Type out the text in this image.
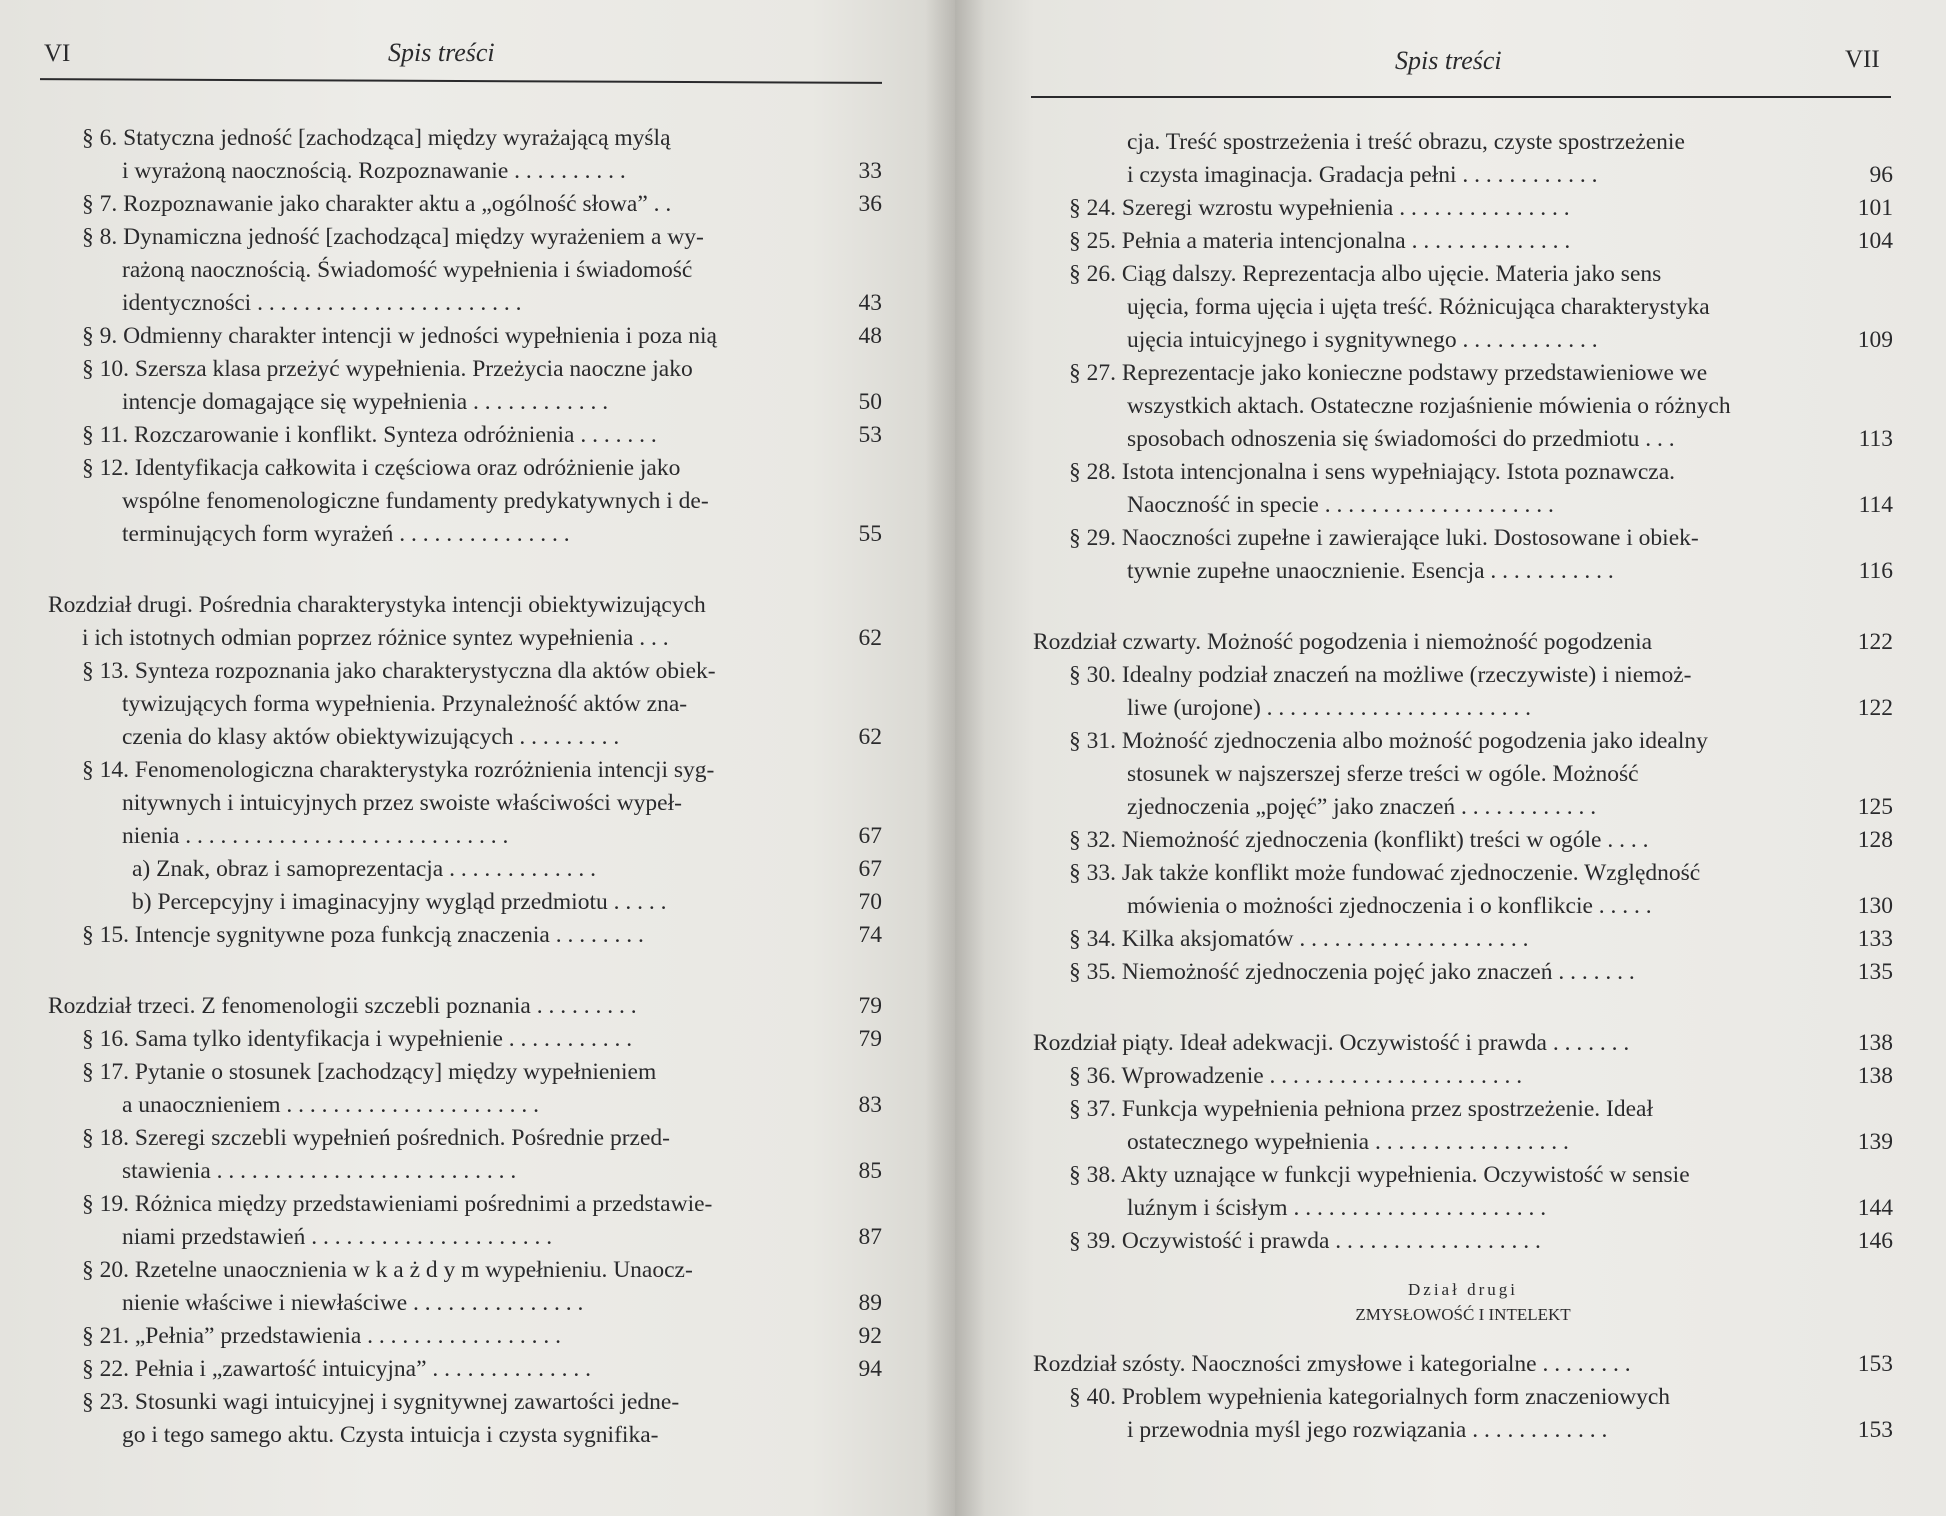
VI	Spis treści
§ 6. Statyczna jedność [zachodząca] między wyrażającą myślą
i wyrażoną naocznością. Rozpoznawanie . . . . . . . . . .	33
§ 7. Rozpoznawanie jako charakter aktu a „ogólność słowa” . .	36
§ 8. Dynamiczna jedność [zachodząca] między wyrażeniem a wy-
rażoną naocznością. Świadomość wypełnienia i świadomość
identyczności . . . . . . . . . . . . . . . . . . . . . . .	43
§ 9. Odmienny charakter intencji w jedności wypełnienia i poza nią	48
§ 10. Szersza klasa przeżyć wypełnienia. Przeżycia naoczne jako
intencje domagające się wypełnienia . . . . . . . . . . . .	50
§ 11. Rozczarowanie i konflikt. Synteza odróżnienia . . . . . . .	53
§ 12. Identyfikacja całkowita i częściowa oraz odróżnienie jako
wspólne fenomenologiczne fundamenty predykatywnych i de-
terminujących form wyrażeń . . . . . . . . . . . . . . .	55
Rozdział drugi. Pośrednia charakterystyka intencji obiektywizujących
i ich istotnych odmian poprzez różnice syntez wypełnienia . . .	62
§ 13. Synteza rozpoznania jako charakterystyczna dla aktów obiek-
tywizujących forma wypełnienia. Przynależność aktów zna-
czenia do klasy aktów obiektywizujących . . . . . . . . .	62
§ 14. Fenomenologiczna charakterystyka rozróżnienia intencji syg-
nitywnych i intuicyjnych przez swoiste właściwości wypeł-
nienia . . . . . . . . . . . . . . . . . . . . . . . . . . . .	67
a) Znak, obraz i samoprezentacja . . . . . . . . . . . . .	67
b) Percepcyjny i imaginacyjny wygląd przedmiotu . . . . .	70
§ 15. Intencje sygnitywne poza funkcją znaczenia . . . . . . . .	74
Rozdział trzeci. Z fenomenologii szczebli poznania . . . . . . . . .	79
§ 16. Sama tylko identyfikacja i wypełnienie . . . . . . . . . . .	79
§ 17. Pytanie o stosunek [zachodzący] między wypełnieniem
a unaocznieniem . . . . . . . . . . . . . . . . . . . . . .	83
§ 18. Szeregi szczebli wypełnień pośrednich. Pośrednie przed-
stawienia . . . . . . . . . . . . . . . . . . . . . . . . . .	85
§ 19. Różnica między przedstawieniami pośrednimi a przedstawie-
niami przedstawień . . . . . . . . . . . . . . . . . . . . .	87
§ 20. Rzetelne unaocznienia w k a ż d y m wypełnieniu. Unaocz-
nienie właściwe i niewłaściwe . . . . . . . . . . . . . . .	89
§ 21. „Pełnia” przedstawienia . . . . . . . . . . . . . . . . .	92
§ 22. Pełnia i „zawartość intuicyjna” . . . . . . . . . . . . . .	94
§ 23. Stosunki wagi intuicyjnej i sygnitywnej zawartości jedne-
go i tego samego aktu. Czysta intuicja i czysta sygnifika-
Spis treści	VII
cja. Treść spostrzeżenia i treść obrazu, czyste spostrzeżenie
i czysta imaginacja. Gradacja pełni . . . . . . . . . . . .	96
§ 24. Szeregi wzrostu wypełnienia . . . . . . . . . . . . . . .	101
§ 25. Pełnia a materia intencjonalna . . . . . . . . . . . . . .	104
§ 26. Ciąg dalszy. Reprezentacja albo ujęcie. Materia jako sens
ujęcia, forma ujęcia i ujęta treść. Różnicująca charakterystyka
ujęcia intuicyjnego i sygnitywnego . . . . . . . . . . . .	109
§ 27. Reprezentacje jako konieczne podstawy przedstawieniowe we
wszystkich aktach. Ostateczne rozjaśnienie mówienia o różnych
sposobach odnoszenia się świadomości do przedmiotu . . .	113
§ 28. Istota intencjonalna i sens wypełniający. Istota poznawcza.
Naoczność in specie . . . . . . . . . . . . . . . . . . . .	114
§ 29. Naoczności zupełne i zawierające luki. Dostosowane i obiek-
tywnie zupełne unaocznienie. Esencja . . . . . . . . . . .	116
Rozdział czwarty. Możność pogodzenia i niemożność pogodzenia	122
§ 30. Idealny podział znaczeń na możliwe (rzeczywiste) i niemoż-
liwe (urojone) . . . . . . . . . . . . . . . . . . . . . . .	122
§ 31. Możność zjednoczenia albo możność pogodzenia jako idealny
stosunek w najszerszej sferze treści w ogóle. Możność
zjednoczenia „pojęć” jako znaczeń . . . . . . . . . . . .	125
§ 32. Niemożność zjednoczenia (konflikt) treści w ogóle . . . .	128
§ 33. Jak także konflikt może fundować zjednoczenie. Względność
mówienia o możności zjednoczenia i o konflikcie . . . . .	130
§ 34. Kilka aksjomatów . . . . . . . . . . . . . . . . . . . .	133
§ 35. Niemożność zjednoczenia pojęć jako znaczeń . . . . . . .	135
Rozdział piąty. Ideał adekwacji. Oczywistość i prawda . . . . . . .	138
§ 36. Wprowadzenie . . . . . . . . . . . . . . . . . . . . . .	138
§ 37. Funkcja wypełnienia pełniona przez spostrzeżenie. Ideał
ostatecznego wypełnienia . . . . . . . . . . . . . . . . .	139
§ 38. Akty uznające w funkcji wypełnienia. Oczywistość w sensie
luźnym i ścisłym . . . . . . . . . . . . . . . . . . . . . .	144
§ 39. Oczywistość i prawda . . . . . . . . . . . . . . . . . .	146
Dział drugi
ZMYSŁOWOŚĆ I INTELEKT
Rozdział szósty. Naoczności zmysłowe i kategorialne . . . . . . . .	153
§ 40. Problem wypełnienia kategorialnych form znaczeniowych
i przewodnia myśl jego rozwiązania . . . . . . . . . . . .	153
